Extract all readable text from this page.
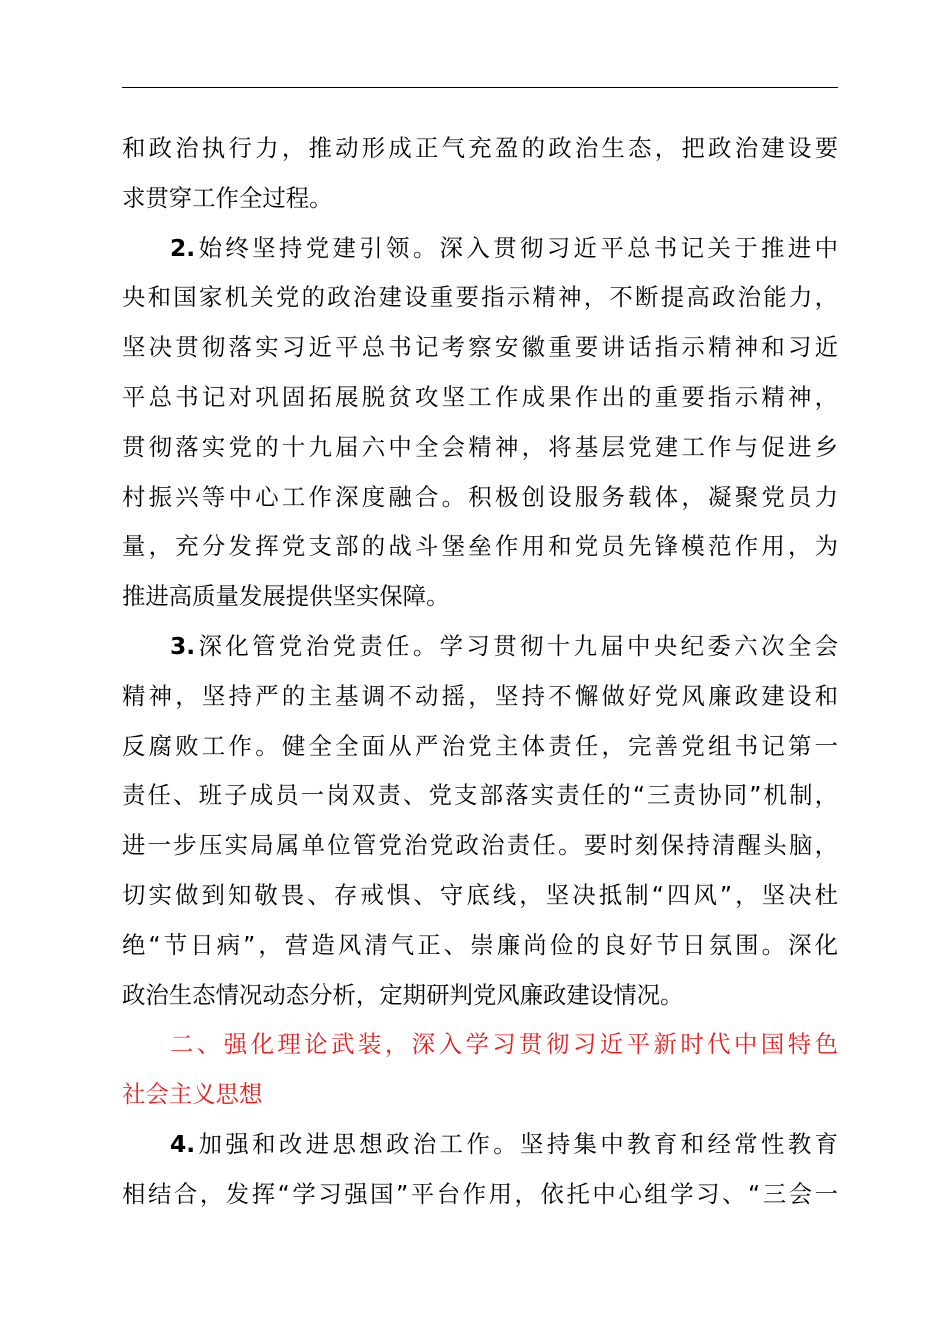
和政治执行力，推动形成正气充盈的政治生态，把政治建设要
求贯穿工作全过程。
2.始终坚持党建引领。深入贯彻习近平总书记关于推进中
央和国家机关党的政治建设重要指示精神，不断提高政治能力，
坚决贯彻落实习近平总书记考察安徽重要讲话指示精神和习近
平总书记对巩固拓展脱贫攻坚工作成果作出的重要指示精神，
贯彻落实党的十九届六中全会精神，将基层党建工作与促进乡
村振兴等中心工作深度融合。积极创设服务载体，凝聚党员力
量，充分发挥党支部的战斗堡垒作用和党员先锋模范作用，为
推进高质量发展提供坚实保障。
3.深化管党治党责任。学习贯彻十九届中央纪委六次全会
精神，坚持严的主基调不动摇，坚持不懈做好党风廉政建设和
反腐败工作。健全全面从严治党主体责任，完善党组书记第一
责任、班子成员一岗双责、党支部落实责任的“三责协同”机制，
进一步压实局属单位管党治党政治责任。要时刻保持清醒头脑，
切实做到知敬畏、存戒惧、守底线，坚决抵制“四风”，坚决杜
绝“节日病”，营造风清气正、崇廉尚俭的良好节日氛围。深化
政治生态情况动态分析，定期研判党风廉政建设情况。
二、强化理论武装，深入学习贯彻习近平新时代中国特色
社会主义思想
4.加强和改进思想政治工作。坚持集中教育和经常性教育
相结合，发挥“学习强国”平台作用，依托中心组学习、“三会一
